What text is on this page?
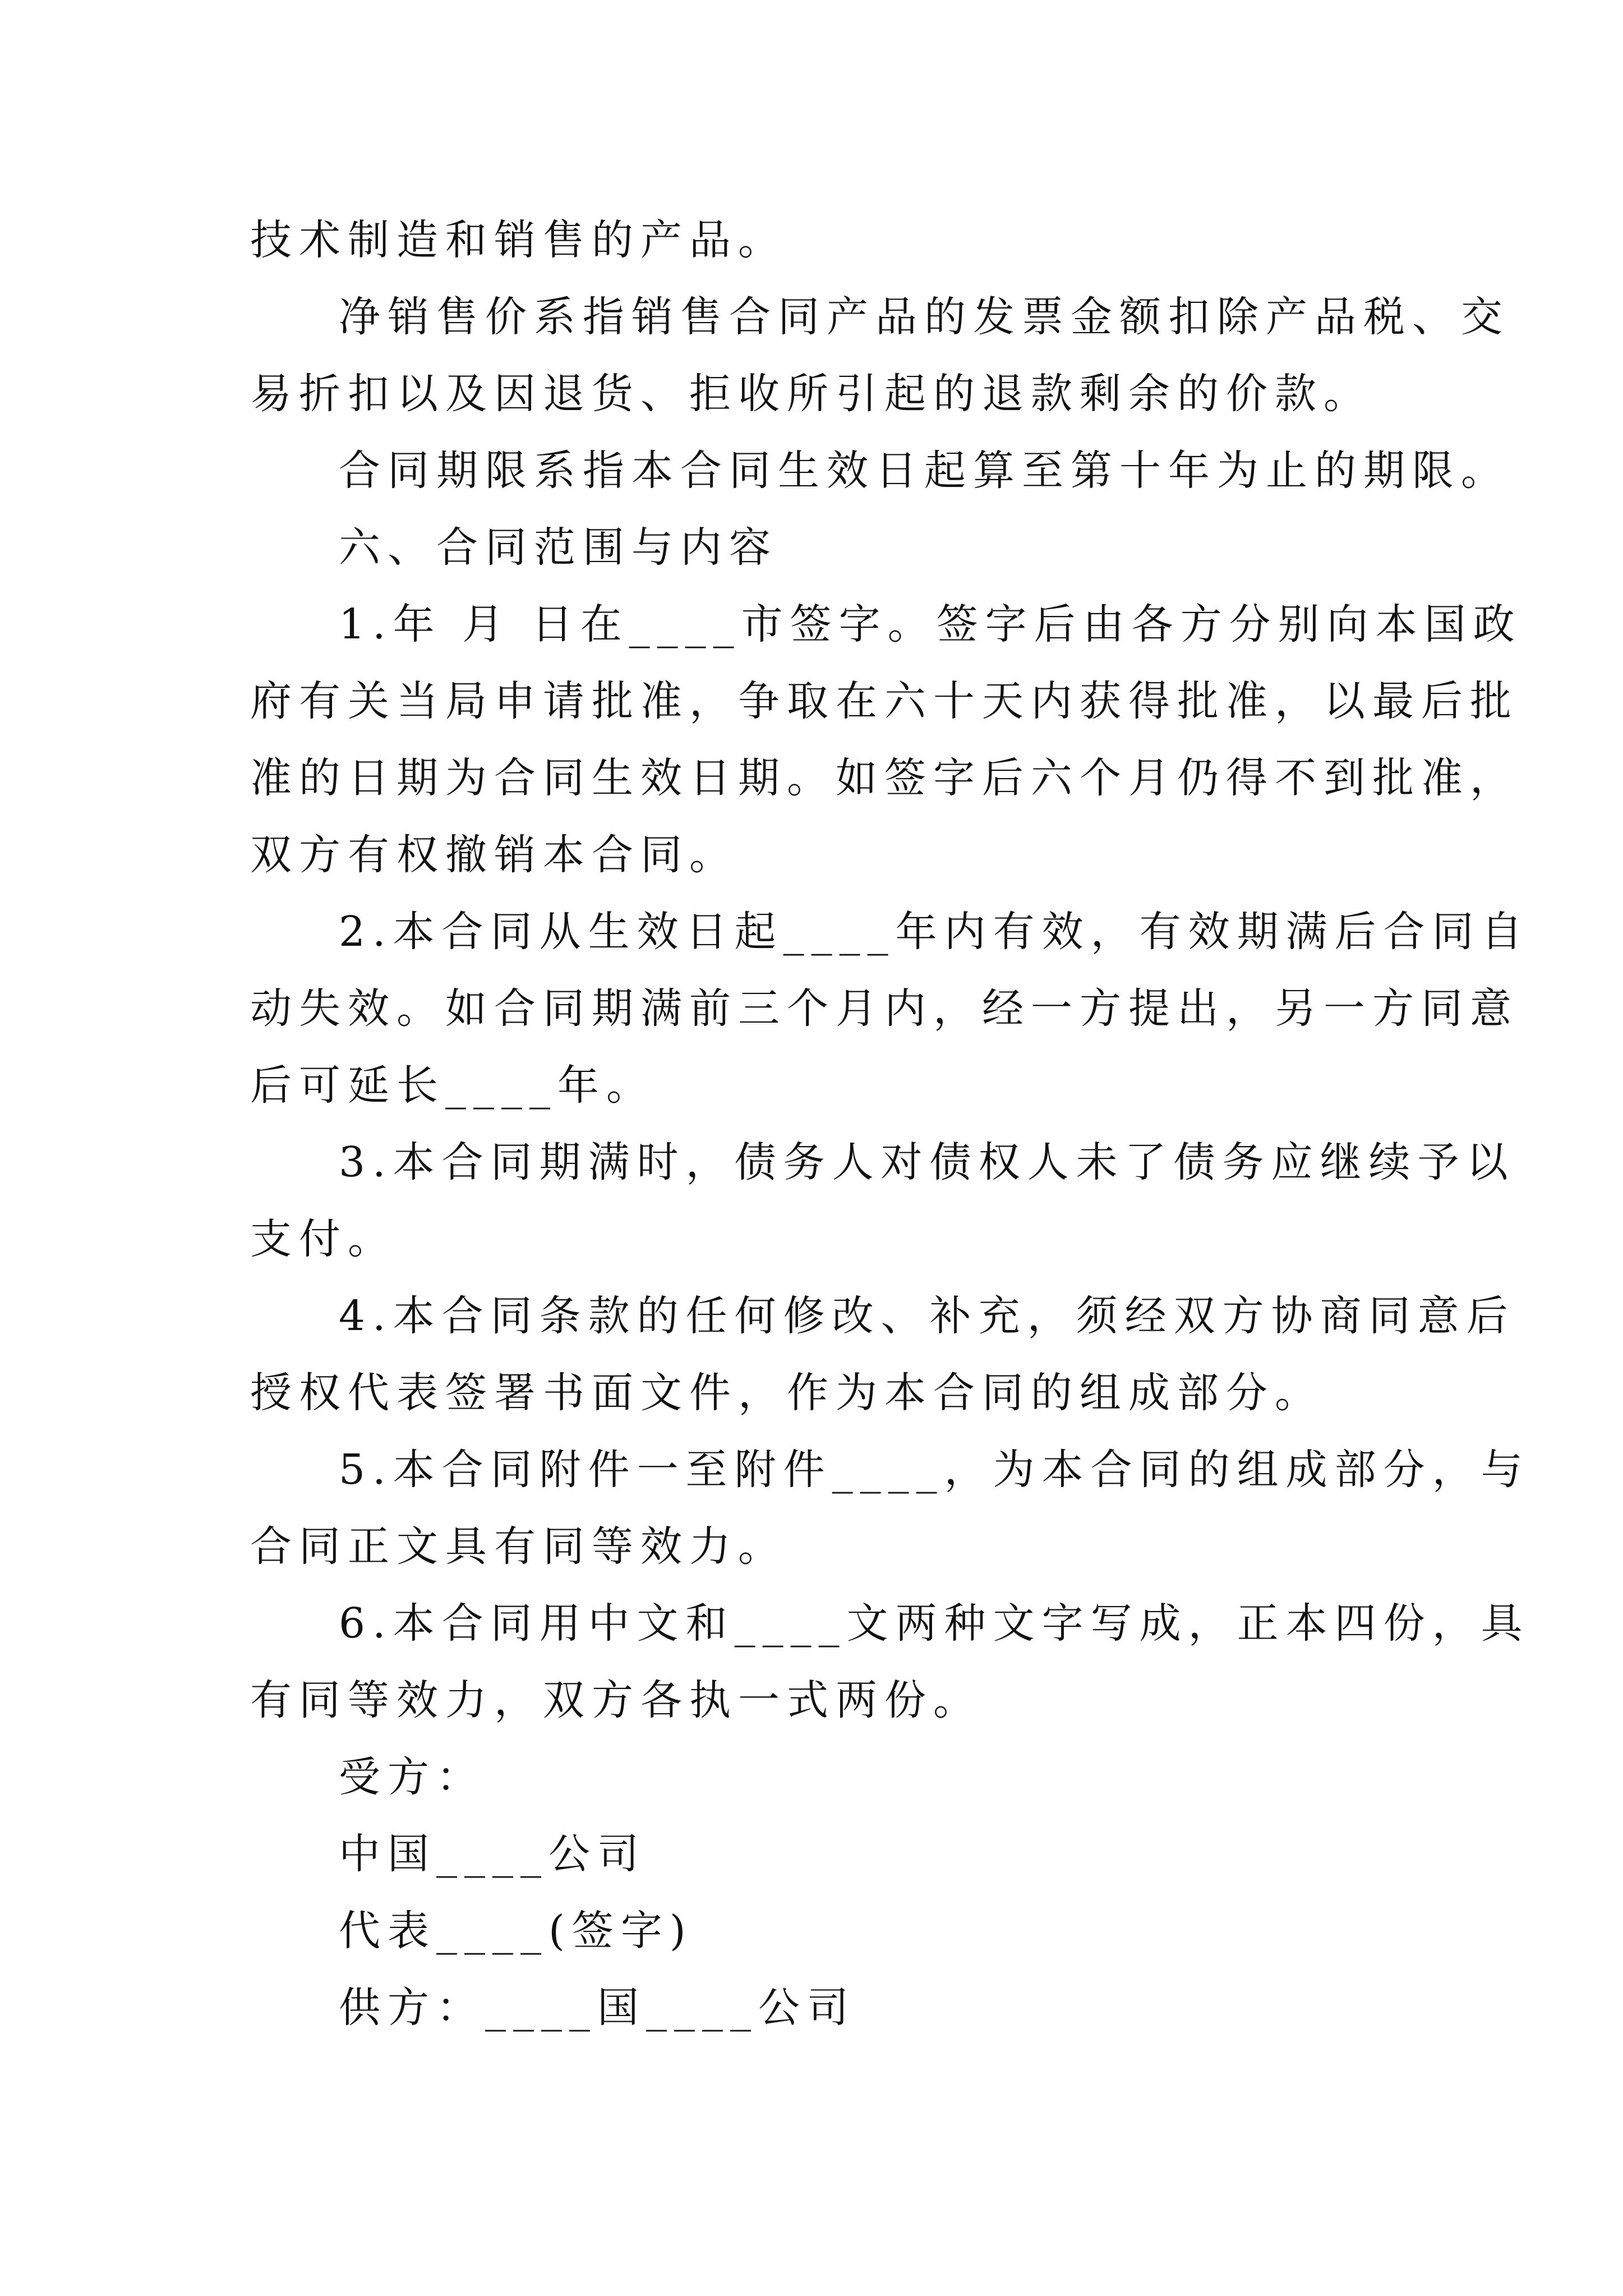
技术制造和销售的产品。
净销售价系指销售合同产品的发票金额扣除产品税、交
易折扣以及因退货、拒收所引起的退款剩余的价款。
合同期限系指本合同生效日起算至第十年为止的期限。
六、合同范围与内容
1.年 月 日在____市签字。签字后由各方分别向本国政
府有关当局申请批准，争取在六十天内获得批准，以最后批
准的日期为合同生效日期。如签字后六个月仍得不到批准，
双方有权撤销本合同。
2.本合同从生效日起____年内有效，有效期满后合同自
动失效。如合同期满前三个月内，经一方提出，另一方同意
后可延长____年。
3.本合同期满时，债务人对债权人未了债务应继续予以
支付。
4.本合同条款的任何修改、补充，须经双方协商同意后
授权代表签署书面文件，作为本合同的组成部分。
5.本合同附件一至附件____，为本合同的组成部分，与
合同正文具有同等效力。
6.本合同用中文和____文两种文字写成，正本四份，具
有同等效力，双方各执一式两份。
受方：
中国____公司
代表____(签字)
供方：____国____公司
